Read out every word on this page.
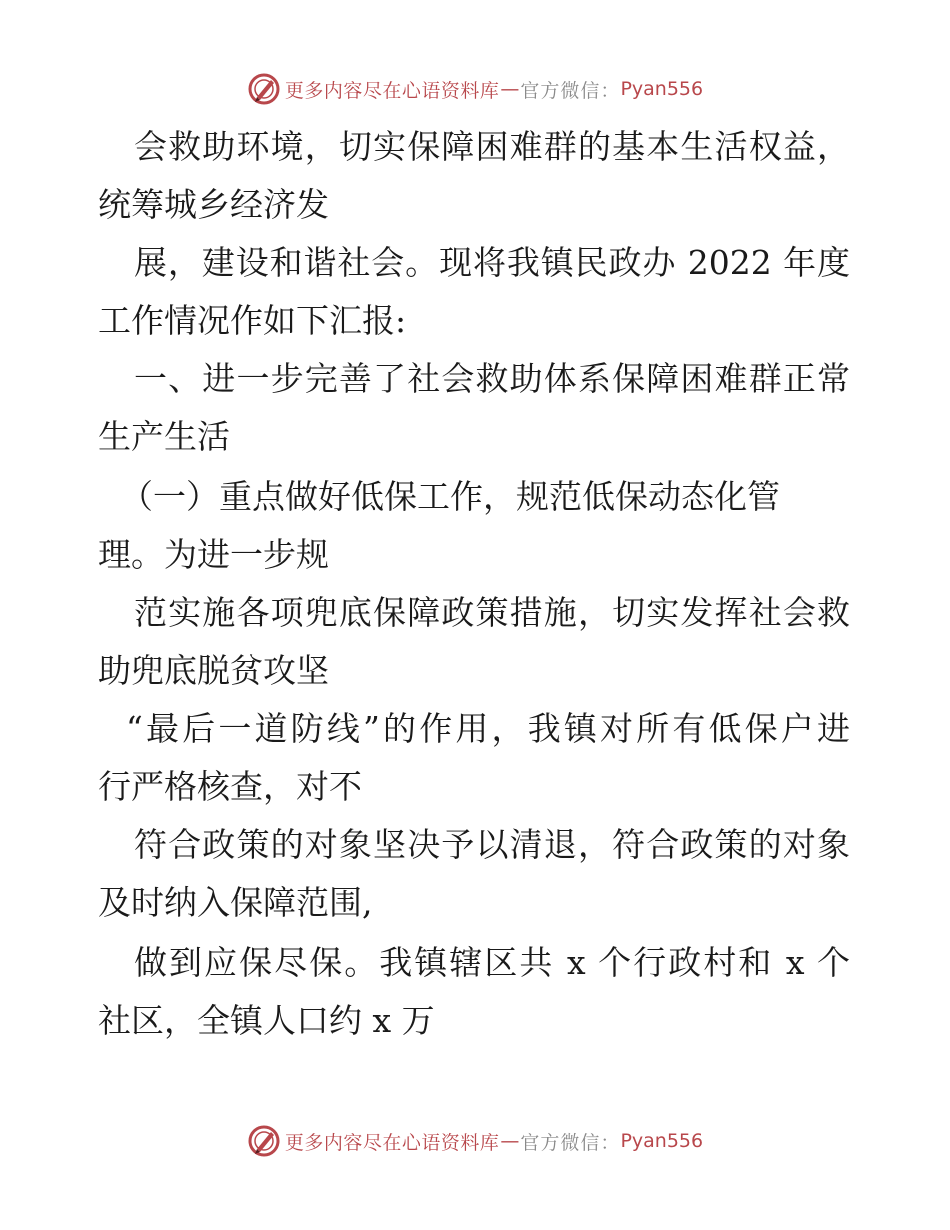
更多内容尽在心语资料库 — 官方微信： Pyan556
会救助环境，切实保障困难群的基本生活权益，
统筹城乡经济发
展，建设和谐社会。现将我镇民政办 2022 年度
工作情况作如下汇报:
一、进一步完善了社会救助体系保障困难群正常
生产生活
（一）重点做好低保工作，规范低保动态化管
理。为进一步规
范实施各项兜底保障政策措施，切实发挥社会救
助兜底脱贫攻坚
“最后一道防线”的作用，我镇对所有低保户进
行严格核查，对不
符合政策的对象坚决予以清退，符合政策的对象
及时纳入保障范围,
做到应保尽保。我镇辖区共 x 个行政村和 x 个
社区，全镇人口约 x 万
更多内容尽在心语资料库 — 官方微信： Pyan556
